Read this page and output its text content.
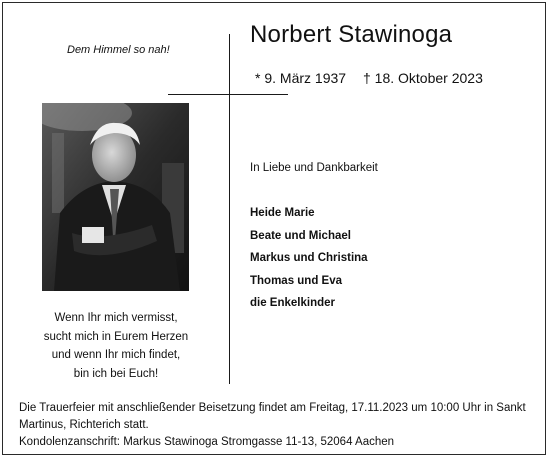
Dem Himmel so nah!
Norbert Stawinoga
* 9. März 1937 † 18. Oktober 2023
Wenn Ihr mich vermisst,
sucht mich in Eurem Herzen
und wenn Ihr mich findet,
bin ich bei Euch!
In Liebe und Dankbarkeit
Heide Marie
Beate und Michael
Markus und Christina
Thomas und Eva
die Enkelkinder
Die Trauerfeier mit anschließender Beisetzung findet am Freitag, 17.11.2023 um 10:00 Uhr in Sankt
Martinus, Richterich statt.
Kondolenzanschrift: Markus Stawinoga Stromgasse 11-13, 52064 Aachen
